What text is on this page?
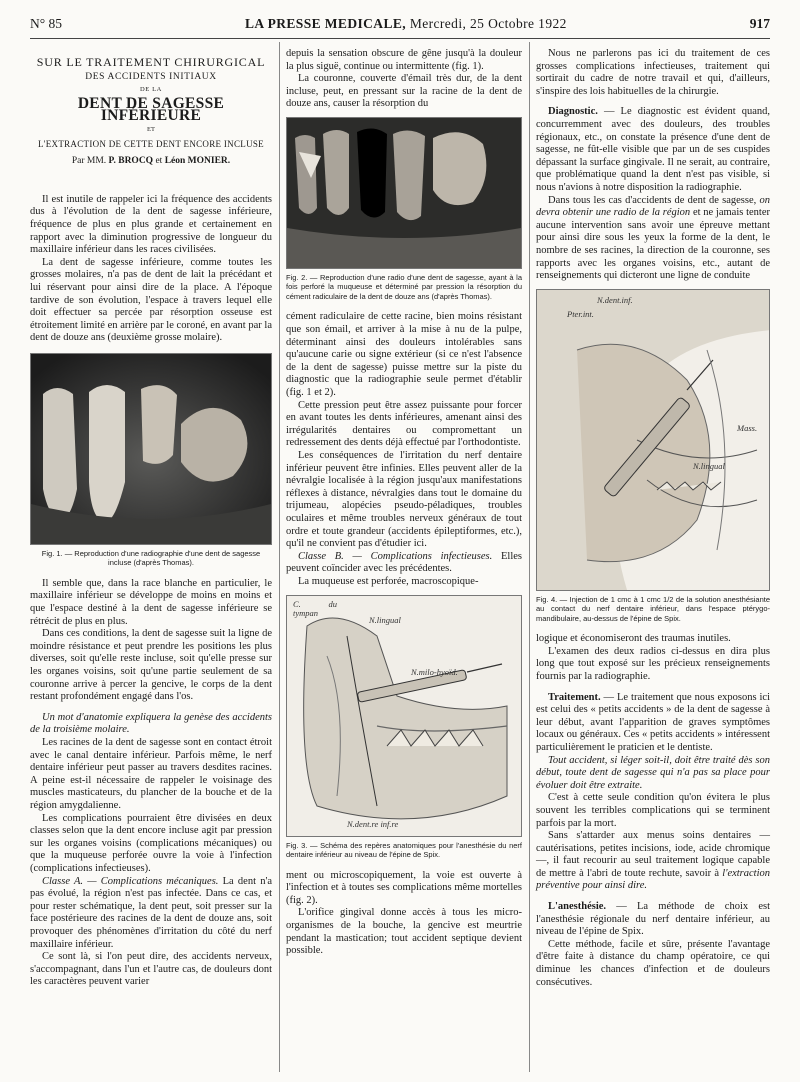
N° 85	LA PRESSE MEDICALE, Mercredi, 25 Octobre 1922	917
SUR LE TRAITEMENT CHIRURGICAL
DES ACCIDENTS INITIAUX
DE LA
DENT DE SAGESSE INFÉRIEURE
ET
L'EXTRACTION DE CETTE DENT ENCORE INCLUSE
Par MM. P. BROCQ et Léon MONIER.

Il est inutile de rappeler ici la fréquence des accidents dus à l'évolution de la dent de sagesse inférieure, fréquence de plus en plus grande et certainement en rapport avec la diminution progressive de longueur du maxillaire inférieur dans les races civilisées.

La dent de sagesse inférieure, comme toutes les grosses molaires, n'a pas de dent de lait la précédant et lui réservant pour ainsi dire de la place. A l'époque tardive de son évolution, l'espace à travers lequel elle doit effectuer sa percée par résorption osseuse est étroitement limité en arrière par le coroné, en avant par la dent de douze ans (deuxième grosse molaire).

Fig. 1. — Reproduction d'une radiographie d'une dent de sagesse incluse (d'après Thomas).

Il semble que, dans la race blanche en particulier, le maxillaire inférieur se développe de moins en moins et que l'espace destiné à la dent de sagesse inférieure se rétrécit de plus en plus.

Dans ces conditions, la dent de sagesse suit la ligne de moindre résistance et peut prendre les positions les plus diverses, soit qu'elle reste incluse, soit qu'elle presse sur les organes voisins, soit qu'une partie seulement de sa couronne arrive à percer la gencive, le corps de la dent restant profondément engagé dans l'os.

Un mot d'anatomie expliquera la genèse des accidents de la troisième molaire.

Les racines de la dent de sagesse sont en contact étroit avec le canal dentaire inférieur. Parfois même, le nerf dentaire inférieur peut passer au travers desdites racines. A peine est-il nécessaire de rappeler le voisinage des muscles masticateurs, du plancher de la bouche et de la région amygdalienne.

Les complications pourraient être divisées en deux classes selon que la dent encore incluse agit par pression sur les organes voisins (complications mécaniques) ou que la muqueuse perforée ouvre la voie à l'infection (complications infectieuses).

Classe A. — Complications mécaniques. La dent n'a pas évolué, la région n'est pas infectée. Dans ce cas, et pour rester schématique, la dent peut, soit presser sur la face postérieure des racines de la dent de douze ans, soit provoquer des phénomènes d'irritation du côté du nerf maxillaire inférieur.

Ce sont là, si l'on peut dire, des accidents nerveux, s'accompagnant, dans l'un et l'autre cas, de douleurs dont les caractères peuvent varier

depuis la sensation obscure de gêne jusqu'à la douleur la plus siguë, continue ou intermittente (fig. 1).

La couronne, couverte d'émail très dur, de la dent incluse, peut, en pressant sur la racine de la dent de douze ans, causer la résorption du

Fig. 2. — Reproduction d'une radio d'une dent de sagesse, ayant à la fois perforé la muqueuse et déterminé par pression la résorption du cément radiculaire de la dent de douze ans (d'après Thomas).

cément radiculaire de cette racine, bien moins résistant que son émail, et arriver à la mise à nu de la pulpe, déterminant ainsi des douleurs intolérables sans qu'aucune carie ou signe extérieur (si ce n'est l'absence de la dent de sagesse) puisse mettre sur la piste du diagnostic que la radiographie seule permet d'établir (fig. 1 et 2).

Cette pression peut être assez puissante pour forcer en avant toutes les dents inférieures, amenant ainsi des irrégularités dentaires ou compromettant un redressement des dents déjà effectué par l'orthodontiste.

Les conséquences de l'irritation du nerf dentaire inférieur peuvent être infinies. Elles peuvent aller de la névralgie localisée à la région jusqu'aux manifestations réflexes à distance, névralgies dans tout le domaine du trijumeau, alopécies pseudo-péladiques, troubles oculaires et même troubles nerveux généraux de tout ordre et toute grandeur (accidents épileptiformes, etc.), qu'il ne convient pas d'étudier ici.

Classe B. — Complications infectieuses. Elles peuvent coïncider avec les précédentes.

La muqueuse est perforée, macroscopique-

C. du tympan
N.lingual
N.milo-hyoïd.
N.dent.re inf.re
Fig. 3. — Schéma des repères anatomiques pour l'anesthésie du nerf dentaire inférieur au niveau de l'épine de Spix.

ment ou microscopiquement, la voie est ouverte à l'infection et à toutes ses complications même mortelles (fig. 2).

L'orifice gingival donne accès à tous les micro-organismes de la bouche, la gencive est meurtrie pendant la mastication; tout accident septique devient possible.

Nous ne parlerons pas ici du traitement de ces grosses complications infectieuses, traitement qui sortirait du cadre de notre travail et qui, d'ailleurs, s'inspire des lois habituelles de la chirurgie.

Diagnostic. — Le diagnostic est évident quand, concurremment avec des douleurs, des troubles régionaux, etc., on constate la présence d'une dent de sagesse, ne fût-elle visible que par un de ses cuspides dépassant la surface gingivale. Il ne serait, au contraire, que problématique quand la dent n'est pas visible, si nous n'avions à notre disposition la radiographie.

Dans tous les cas d'accidents de dent de sagesse, on devra obtenir une radio de la région et ne jamais tenter aucune intervention sans avoir une épreuve mettant pour ainsi dire sous les yeux la forme de la dent, le nombre de ses racines, la direction de la couronne, ses rapports avec les organes voisins, etc., autant de renseignements qui dicteront une ligne de conduite

N.dent.inf.
Pter.int.
Mass.
N.lingual
Fig. 4. — Injection de 1 cmc à 1 cmc 1/2 de la solution anesthésiante au contact du nerf dentaire inférieur, dans l'espace ptérygo-mandibulaire, au-dessus de l'épine de Spix.

logique et économiseront des traumas inutiles.

L'examen des deux radios ci-dessus en dira plus long que tout exposé sur les précieux renseignements fournis par la radiographie.

Traitement. — Le traitement que nous exposons ici est celui des « petits accidents » de la dent de sagesse à leur début, avant l'apparition de graves symptômes locaux ou généraux. Ces « petits accidents » intéressent particulièrement le praticien et le dentiste.

Tout accident, si léger soit-il, doit être traité dès son début, toute dent de sagesse qui n'a pas sa place pour évoluer doit être extraite.

C'est à cette seule condition qu'on évitera le plus souvent les terribles complications qui se terminent parfois par la mort.

Sans s'attarder aux menus soins dentaires — cautérisations, petites incisions, iode, acide chromique —, il faut recourir au seul traitement logique capable de mettre à l'abri de toute rechute, savoir à l'extraction préventive pour ainsi dire.

L'anesthésie. — La méthode de choix est l'anesthésie régionale du nerf dentaire inférieur, au niveau de l'épine de Spix.

Cette méthode, facile et sûre, présente l'avantage d'être faite à distance du champ opératoire, ce qui diminue les chances d'infection et de douleurs consécutives.
